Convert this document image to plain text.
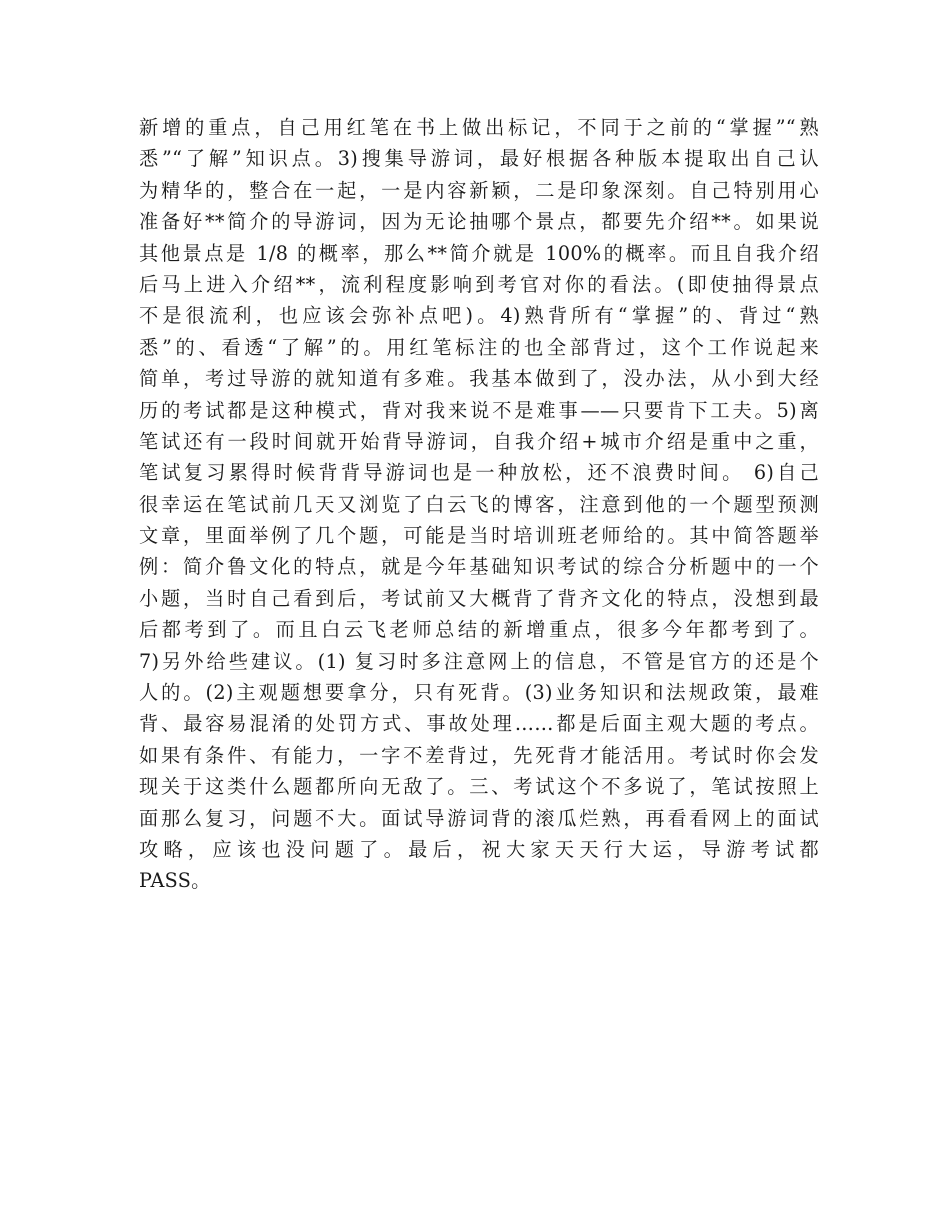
新增的重点，自己用红笔在书上做出标记，不同于之前的“掌握”“熟
悉”“了解”知识点。3)搜集导游词，最好根据各种版本提取出自己认
为精华的，整合在一起，一是内容新颖，二是印象深刻。自己特别用心
准备好**简介的导游词，因为无论抽哪个景点，都要先介绍**。如果说
其他景点是 1/8 的概率，那么**简介就是 100%的概率。而且自我介绍
后马上进入介绍**，流利程度影响到考官对你的看法。(即使抽得景点
不是很流利，也应该会弥补点吧)。4)熟背所有“掌握”的、背过“熟
悉”的、看透“了解”的。用红笔标注的也全部背过，这个工作说起来
简单，考过导游的就知道有多难。我基本做到了，没办法，从小到大经
历的考试都是这种模式，背对我来说不是难事——只要肯下工夫。5)离
笔试还有一段时间就开始背导游词，自我介绍+城市介绍是重中之重，
笔试复习累得时候背背导游词也是一种放松，还不浪费时间。 6)自己
很幸运在笔试前几天又浏览了白云飞的博客，注意到他的一个题型预测
文章，里面举例了几个题，可能是当时培训班老师给的。其中简答题举
例：简介鲁文化的特点，就是今年基础知识考试的综合分析题中的一个
小题，当时自己看到后，考试前又大概背了背齐文化的特点，没想到最
后都考到了。而且白云飞老师总结的新增重点，很多今年都考到了。
7)另外给些建议。(1) 复习时多注意网上的信息，不管是官方的还是个
人的。(2)主观题想要拿分，只有死背。(3)业务知识和法规政策，最难
背、最容易混淆的处罚方式、事故处理……都是后面主观大题的考点。
如果有条件、有能力，一字不差背过，先死背才能活用。考试时你会发
现关于这类什么题都所向无敌了。三、考试这个不多说了，笔试按照上
面那么复习，问题不大。面试导游词背的滚瓜烂熟，再看看网上的面试
攻略，应该也没问题了。最后，祝大家天天行大运，导游考试都
PASS。
